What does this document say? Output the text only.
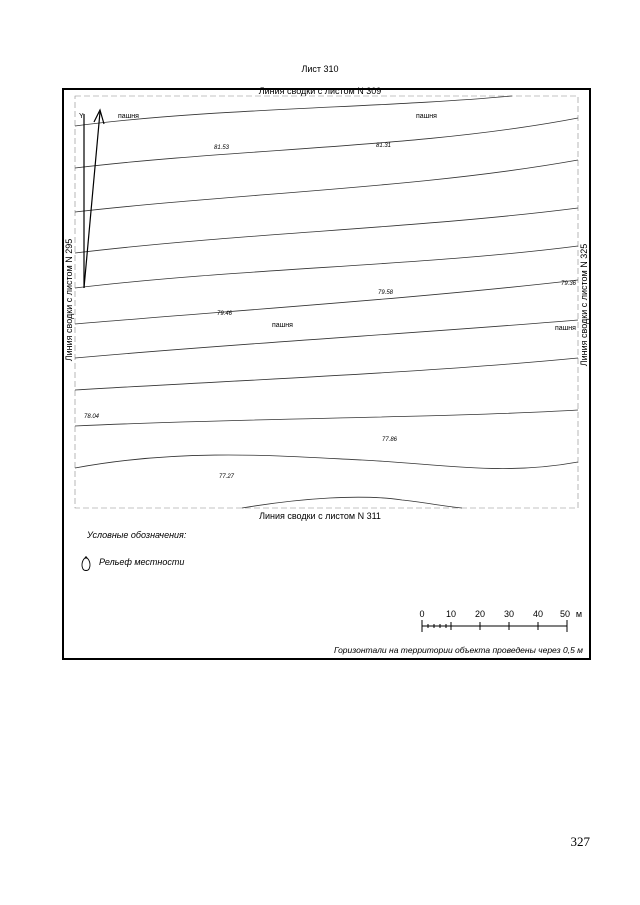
Лист 310
Y	пашня	пашня
пашня	пашня
81.53	81.31
79.46
79.58
79.36
78.04
77.86
77.27
Линия сводки с листом N 309
Линия сводки с листом N 311
Линия сводки с листом N 295	Линия сводки с листом N 325
Условные обозначения:
Рельеф местности
0 10 20 30 40 50 м
Горизонтали на территории объекта проведены через 0,5 м
327
